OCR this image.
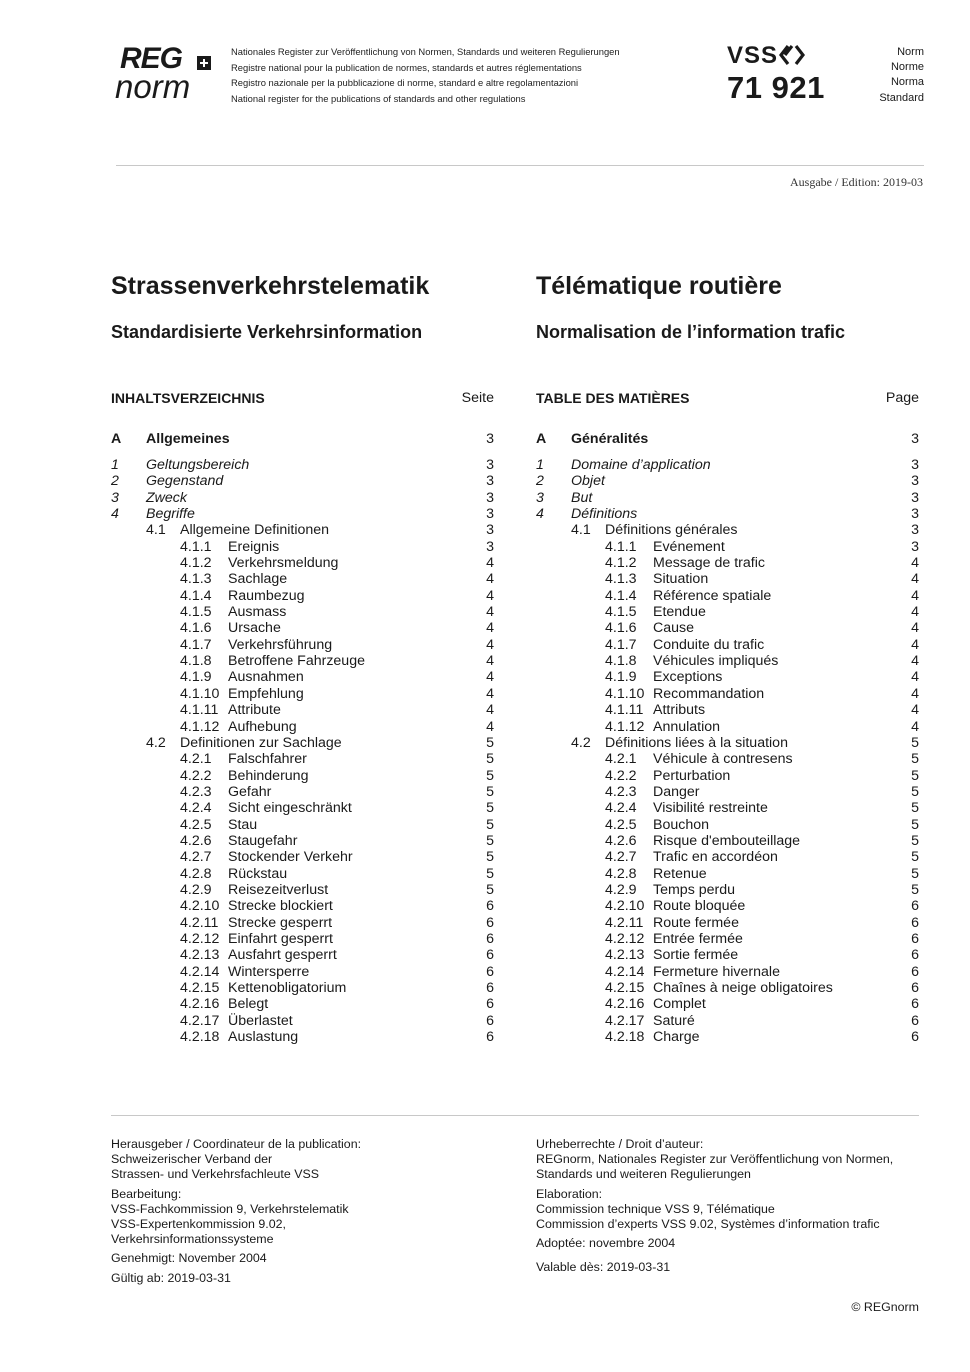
REG
norm
Nationales Register zur Veröffentlichung von Normen, Standards und weiteren Regulierungen
Registre national pour la publication de normes, standards et autres réglementations
Registro nazionale per la pubblicazione di norme, standard e altre regolamentazioni
National register for the publications of standards and other regulations
VSS
71 921
Norm
Norme
Norma
Standard
Ausgabe / Edition: 2019-03
Strassenverkehrstelematik	Télématique routière
Standardisierte Verkehrsinformation	Normalisation de l’information trafic
INHALTSVERZEICHNIS	Seite
A Allgemeines	3
1 Geltungsbereich	3
2 Gegenstand	3
3 Zweck	3
4 Begriffe	3
4.1 Allgemeine Definitionen	3
4.1.1 Ereignis	3
4.1.2 Verkehrsmeldung	4
4.1.3 Sachlage	4
4.1.4 Raumbezug	4
4.1.5 Ausmass	4
4.1.6 Ursache	4
4.1.7 Verkehrsführung	4
4.1.8 Betroffene Fahrzeuge	4
4.1.9 Ausnahmen	4
4.1.10 Empfehlung	4
4.1.11 Attribute	4
4.1.12 Aufhebung	4
4.2 Definitionen zur Sachlage	5
4.2.1 Falschfahrer	5
4.2.2 Behinderung	5
4.2.3 Gefahr	5
4.2.4 Sicht eingeschränkt	5
4.2.5 Stau	5
4.2.6 Staugefahr	5
4.2.7 Stockender Verkehr	5
4.2.8 Rückstau	5
4.2.9 Reisezeitverlust	5
4.2.10 Strecke blockiert	6
4.2.11 Strecke gesperrt	6
4.2.12 Einfahrt gesperrt	6
4.2.13 Ausfahrt gesperrt	6
4.2.14 Wintersperre	6
4.2.15 Kettenobligatorium	6
4.2.16 Belegt	6
4.2.17 Überlastet	6
4.2.18 Auslastung	6
TABLE DES MATIÈRES	Page
A Généralités	3
1 Domaine d’application	3
2 Objet	3
3 But	3
4 Définitions	3
4.1 Définitions générales	3
4.1.1 Evénement	3
4.1.2 Message de trafic	4
4.1.3 Situation	4
4.1.4 Référence spatiale	4
4.1.5 Etendue	4
4.1.6 Cause	4
4.1.7 Conduite du trafic	4
4.1.8 Véhicules impliqués	4
4.1.9 Exceptions	4
4.1.10 Recommandation	4
4.1.11 Attributs	4
4.1.12 Annulation	4
4.2 Définitions liées à la situation	5
4.2.1 Véhicule à contresens	5
4.2.2 Perturbation	5
4.2.3 Danger	5
4.2.4 Visibilité restreinte	5
4.2.5 Bouchon	5
4.2.6 Risque d'embouteillage	5
4.2.7 Trafic en accordéon	5
4.2.8 Retenue	5
4.2.9 Temps perdu	5
4.2.10 Route bloquée	6
4.2.11 Route fermée	6
4.2.12 Entrée fermée	6
4.2.13 Sortie fermée	6
4.2.14 Fermeture hivernale	6
4.2.15 Chaînes à neige obligatoires	6
4.2.16 Complet	6
4.2.17 Saturé	6
4.2.18 Charge	6
Herausgeber / Coordinateur de la publication:
Schweizerischer Verband der
Strassen- und Verkehrsfachleute VSS
Bearbeitung:
VSS-Fachkommission 9, Verkehrstelematik
VSS-Expertenkommission 9.02,
Verkehrsinformationssysteme
Genehmigt: November 2004
Gültig ab: 2019-03-31
Urheberrechte / Droit d’auteur:
REGnorm, Nationales Register zur Veröffentlichung von Normen,
Standards und weiteren Regulierungen
Elaboration:
Commission technique VSS 9, Télématique
Commission d’experts VSS 9.02, Systèmes d’information trafic
Adoptée: novembre 2004
Valable dès: 2019-03-31
© REGnorm
